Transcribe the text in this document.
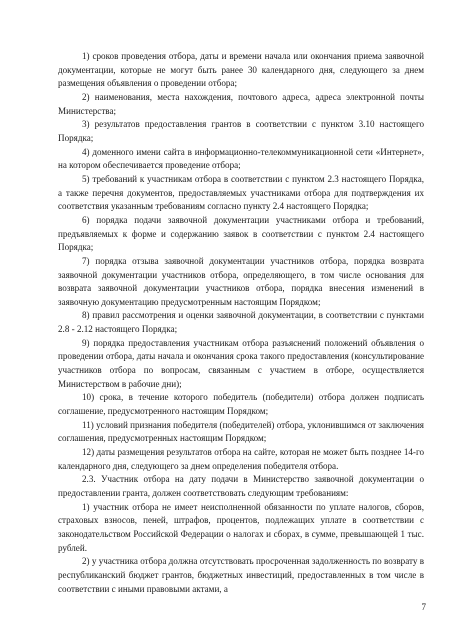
1) сроков проведения отбора, даты и времени начала или окончания приема заявочной документации, которые не могут быть ранее 30 календарного дня, следующего за днем размещения объявления о проведении отбора;

2) наименования, места нахождения, почтового адреса, адреса электронной почты Министерства;

3) результатов предоставления грантов в соответствии с пунктом 3.10 настоящего Порядка;

4) доменного имени сайта в информационно-телекоммуникационной сети «Интернет», на котором обеспечивается проведение отбора;

5) требований к участникам отбора в соответствии с пунктом 2.3 настоящего Порядка, а также перечня документов, предоставляемых участниками отбора для подтверждения их соответствия указанным требованиям согласно пункту 2.4 настоящего Порядка;

6) порядка подачи заявочной документации участниками отбора и требований, предъявляемых к форме и содержанию заявок в соответствии с пунктом 2.4 настоящего Порядка;

7) порядка отзыва заявочной документации участников отбора, порядка возврата заявочной документации участников отбора, определяющего, в том числе основания для возврата заявочной документации участников отбора, порядка внесения изменений в заявочную документацию предусмотренным настоящим Порядком;

8) правил рассмотрения и оценки заявочной документации, в соответствии с пунктами 2.8 - 2.12 настоящего Порядка;

9) порядка предоставления участникам отбора разъяснений положений объявления о проведении отбора, даты начала и окончания срока такого предоставления (консультирование участников отбора по вопросам, связанным с участием в отборе, осуществляется Министерством в рабочие дни);

10) срока, в течение которого победитель (победители) отбора должен подписать соглашение, предусмотренного настоящим Порядком;

11) условий признания победителя (победителей) отбора, уклонившимся от заключения соглашения, предусмотренных настоящим Порядком;

12) даты размещения результатов отбора на сайте, которая не может быть позднее 14-го календарного дня, следующего за днем определения победителя отбора.

2.3. Участник отбора на дату подачи в Министерство заявочной документации о предоставлении гранта, должен соответствовать следующим требованиям:

1) участник отбора не имеет неисполненной обязанности по уплате налогов, сборов, страховых взносов, пеней, штрафов, процентов, подлежащих уплате в соответствии с законодательством Российской Федерации о налогах и сборах, в сумме, превышающей 1 тыс. рублей.

2) у участника отбора должна отсутствовать просроченная задолженность по возврату в республиканский бюджет грантов, бюджетных инвестиций, предоставленных в том числе в соответствии с иными правовыми актами, а

7
